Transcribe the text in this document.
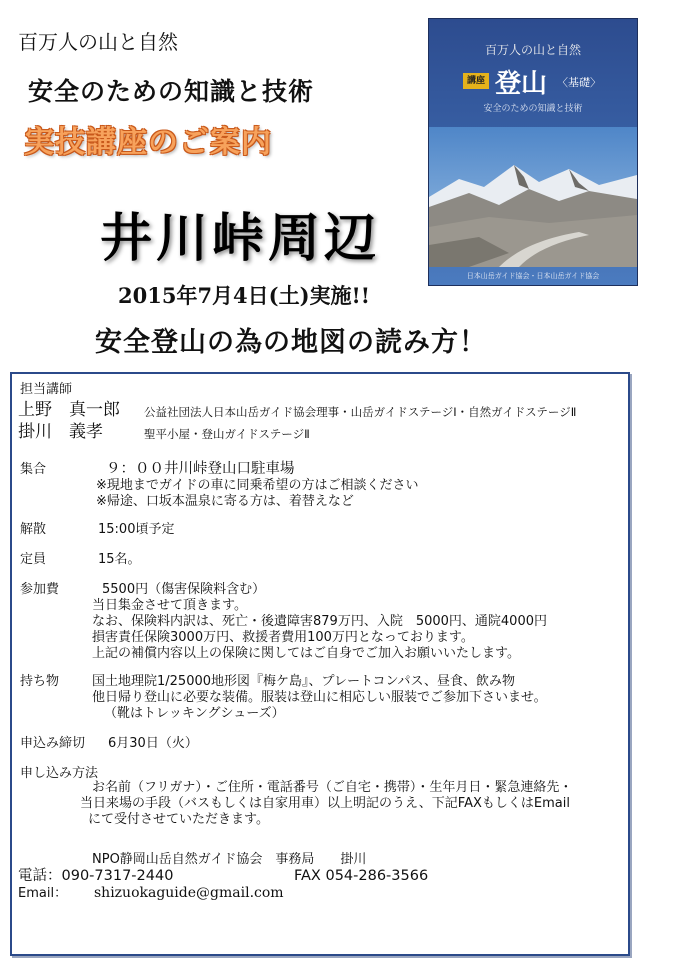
百万人の山と自然
安全のための知識と技術
実技講座のご案内
井川峠周辺
2015年7月4日(土)実施!!
安全登山の為の地図の読み方！
百万人の山と自然
講座 登山 〈基礎〉
安全のための知識と技術
日本山岳ガイド協会・日本山岳ガイド協会
担当講師
上野　真一郎 公益社団法人日本山岳ガイド協会理事・山岳ガイドステージⅠ・自然ガイドステージⅡ
掛川　義孝	聖平小屋・登山ガイドステージⅡ
集合	９：００井川峠登山口駐車場
※現地までガイドの車に同乗希望の方はご相談ください
※帰途、口坂本温泉に寄る方は、着替えなど
解散	15:00頃予定
定員	15名。
参加費	5500円（傷害保険料含む）
当日集金させて頂きます。
なお、保険料内訳は、死亡・後遺障害879万円、入院　5000円、通院4000円
損害責任保険3000万円、救援者費用100万円となっております。
上記の補償内容以上の保険に関してはご自身でご加入お願いいたします。
持ち物	国土地理院1/25000地形図『梅ケ島』、プレートコンパス、昼食、飲み物
他日帰り登山に必要な装備。服装は登山に相応しい服装でご参加下さいませ。
（靴はトレッキングシューズ）
申込み締切 6月30日（火）
申し込み方法
お名前（フリガナ）・ご住所・電話番号（ご自宅・携帯）・生年月日・緊急連絡先・
当日来場の手段（バスもしくは自家用車）以上明記のうえ、下記FAXもしくはEmail
にて受付させていただきます。
NPO静岡山岳自然ガイド協会　事務局　　掛川
電話：090-7317-2440	FAX 054-286-3566
Email： shizuokaguide@gmail.com
